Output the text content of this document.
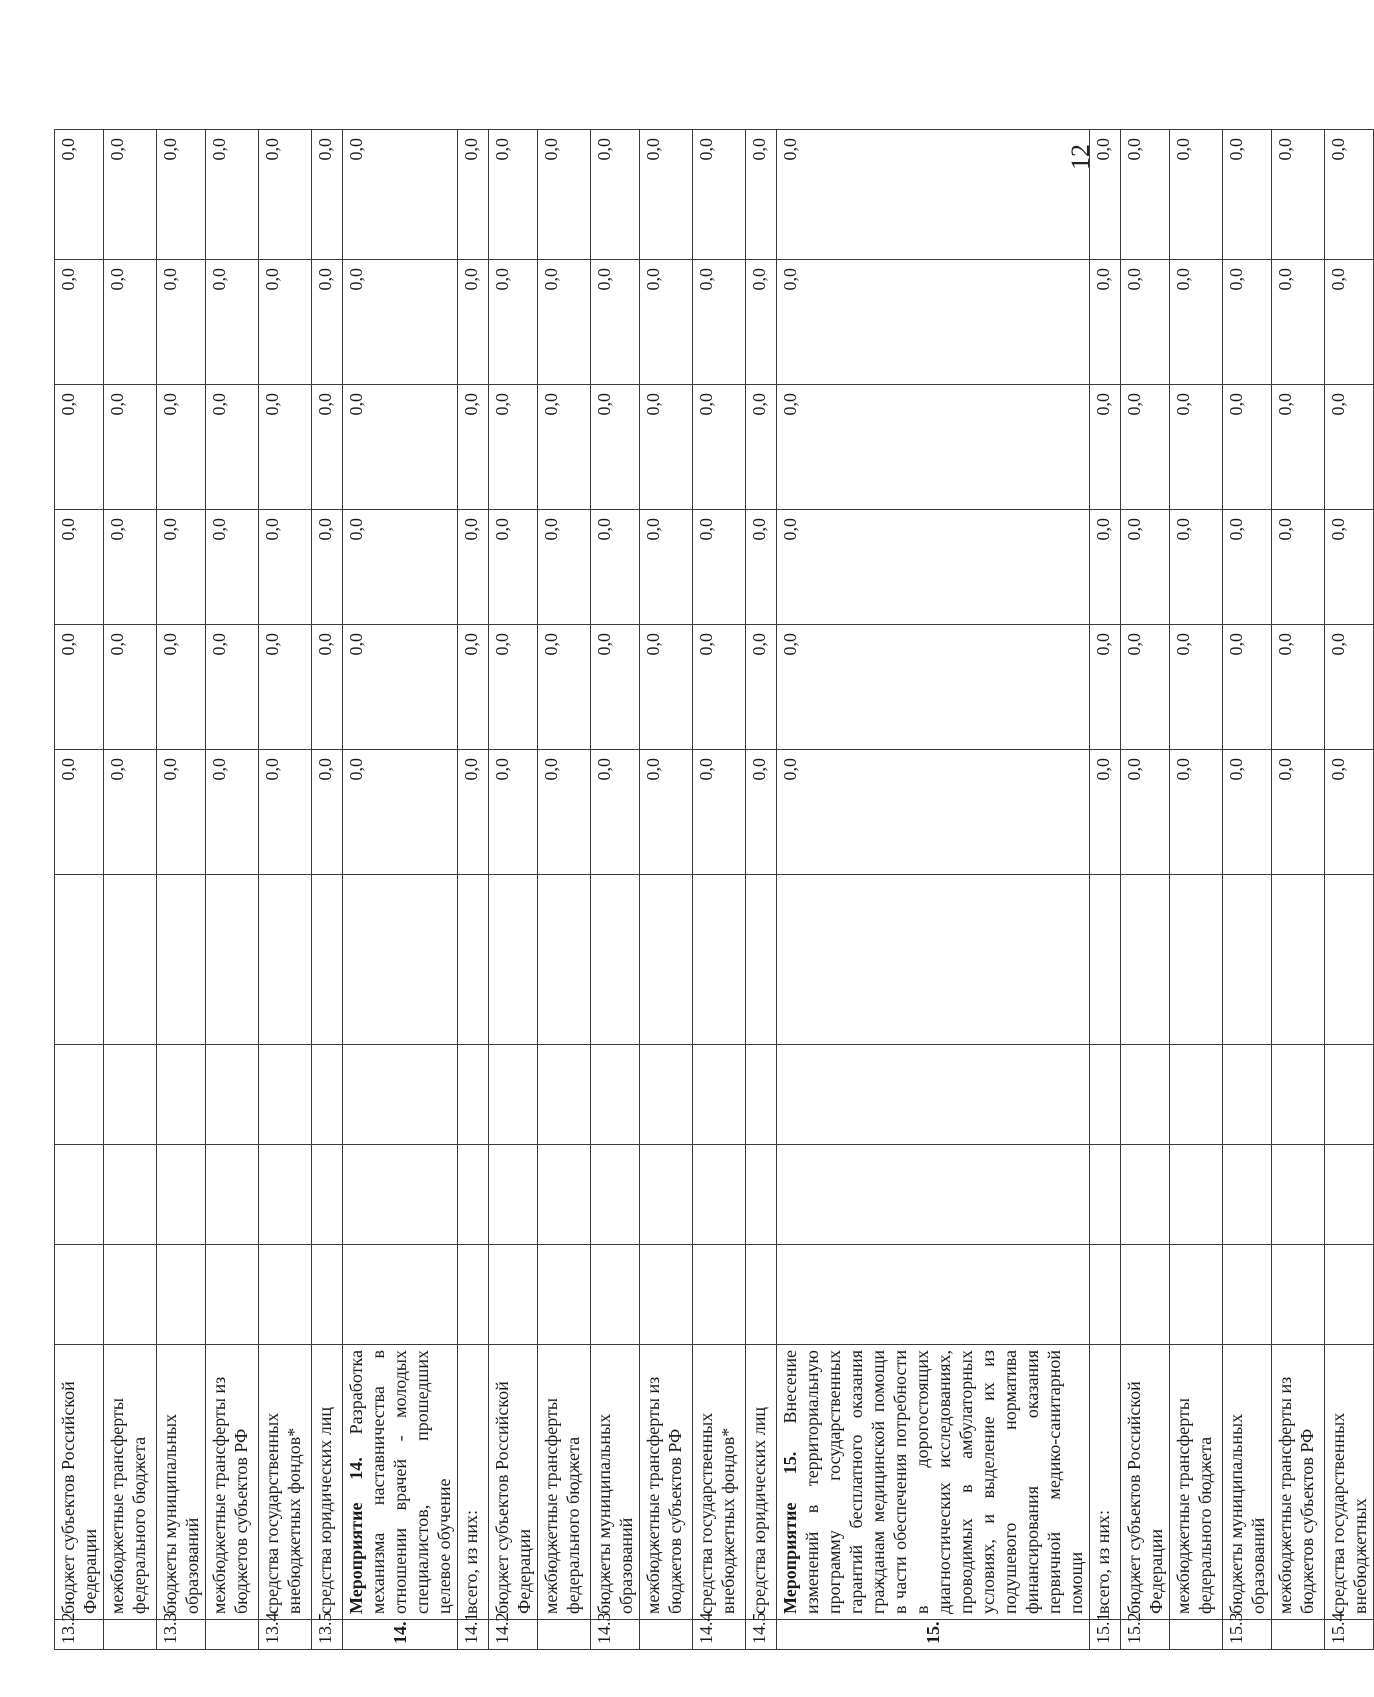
13.2	бюджет субъектов Российской Федерации					0,0	0,0	0,0	0,0	0,0	0,0
	межбюджетные трансферты федерального бюджета					0,0	0,0	0,0	0,0	0,0	0,0
13.3	бюджеты муниципальных образований					0,0	0,0	0,0	0,0	0,0	0,0
	межбюджетные трансферты из бюджетов субъектов РФ					0,0	0,0	0,0	0,0	0,0	0,0
13.4	средства государственных внебюджетных фондов*					0,0	0,0	0,0	0,0	0,0	0,0
13.5	средства юридических лиц					0,0	0,0	0,0	0,0	0,0	0,0
14.	Мероприятие 14. Разработка механизма наставничества в отношении врачей - молодых специалистов, прошедших целевое обучение					0,0	0,0	0,0	0,0	0,0	0,0
14.1	всего, из них:					0,0	0,0	0,0	0,0	0,0	0,0
14.2	бюджет субъектов Российской Федерации					0,0	0,0	0,0	0,0	0,0	0,0
	межбюджетные трансферты федерального бюджета					0,0	0,0	0,0	0,0	0,0	0,0
14.3	бюджеты муниципальных образований					0,0	0,0	0,0	0,0	0,0	0,0
	межбюджетные трансферты из бюджетов субъектов РФ					0,0	0,0	0,0	0,0	0,0	0,0
14.4	средства государственных внебюджетных фондов*					0,0	0,0	0,0	0,0	0,0	0,0
14.5	средства юридических лиц					0,0	0,0	0,0	0,0	0,0	0,0
15.	Мероприятие 15. Внесение изменений в территориальную программу государственных гарантий бесплатного оказания гражданам медицинской помощи в части обеспечения потребности в дорогостоящих диагностических исследованиях, проводимых в амбулаторных условиях, и выделение их из подушевого норматива финансирования оказания первичной медико-санитарной помощи					0,0	0,0	0,0	0,0	0,0	0,0
15.1	всего, из них:					0,0	0,0	0,0	0,0	0,0	0,0
15.2	бюджет субъектов Российской Федерации					0,0	0,0	0,0	0,0	0,0	0,0
	межбюджетные трансферты федерального бюджета					0,0	0,0	0,0	0,0	0,0	0,0
15.3	бюджеты муниципальных образований					0,0	0,0	0,0	0,0	0,0	0,0
	межбюджетные трансферты из бюджетов субъектов РФ					0,0	0,0	0,0	0,0	0,0	0,0
15.4	средства государственных внебюджетных					0,0	0,0	0,0	0,0	0,0	0,0
12
